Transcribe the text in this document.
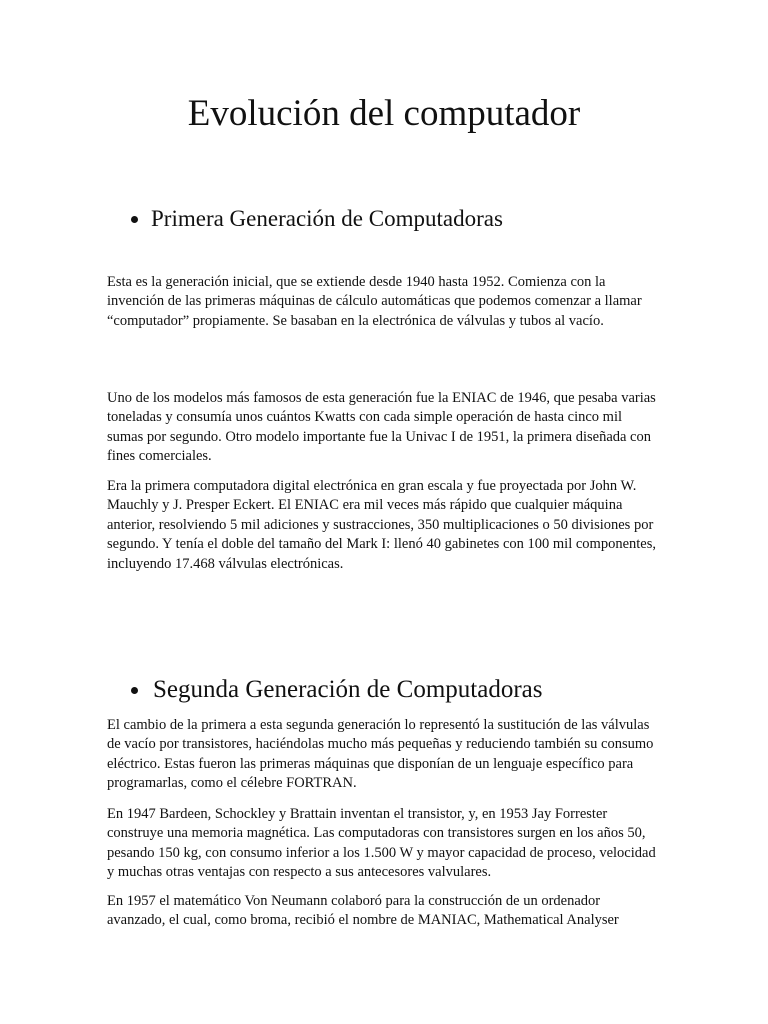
Evolución del computador
Primera Generación de Computadoras

Esta es la generación inicial, que se extiende desde 1940 hasta 1952. Comienza con la invención de las primeras máquinas de cálculo automáticas que podemos comenzar a llamar “computador” propiamente. Se basaban en la electrónica de válvulas y tubos al vacío.

Uno de los modelos más famosos de esta generación fue la ENIAC de 1946, que pesaba varias toneladas y consumía unos cuántos Kwatts con cada simple operación de hasta cinco mil sumas por segundo. Otro modelo importante fue la Univac I de 1951, la primera diseñada con fines comerciales.

Era la primera computadora digital electrónica en gran escala y fue proyectada por John W. Mauchly y J. Presper Eckert. El ENIAC era mil veces más rápido que cualquier máquina anterior, resolviendo 5 mil adiciones y sustracciones, 350 multiplicaciones o 50 divisiones por segundo. Y tenía el doble del tamaño del Mark I: llenó 40 gabinetes con 100 mil componentes, incluyendo 17.468 válvulas electrónicas.

Segunda Generación de Computadoras

El cambio de la primera a esta segunda generación lo representó la sustitución de las válvulas de vacío por transistores, haciéndolas mucho más pequeñas y reduciendo también su consumo eléctrico. Estas fueron las primeras máquinas que disponían de un lenguaje específico para programarlas, como el célebre FORTRAN.

En 1947 Bardeen, Schockley y Brattain inventan el transistor, y, en 1953 Jay Forrester construye una memoria magnética. Las computadoras con transistores surgen en los años 50, pesando 150 kg, con consumo inferior a los 1.500 W y mayor capacidad de proceso, velocidad y muchas otras ventajas con respecto a sus antecesores valvulares.

En 1957 el matemático Von Neumann colaboró para la construcción de un ordenador avanzado, el cual, como broma, recibió el nombre de MANIAC, Mathematical Analyser
